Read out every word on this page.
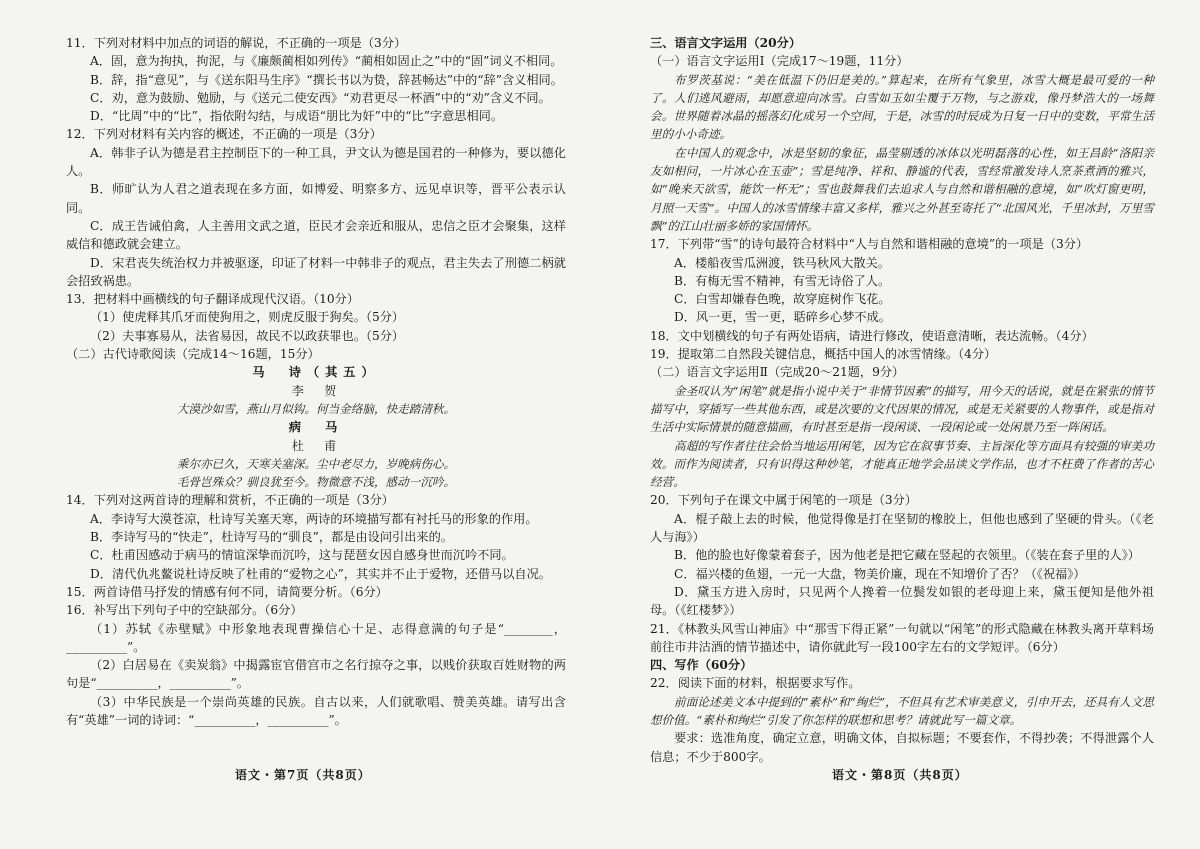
11．下列对材料中加点的词语的解说，不正确的一项是（3分）

A．固，意为拘执，拘泥，与《廉颇蔺相如列传》“蔺相如固止之”中的“固”词义不相同。

B．辞，指“意见”，与《送东阳马生序》“撰长书以为贽，辞甚畅达”中的“辞”含义相同。

C．劝，意为鼓励、勉励，与《送元二使安西》“劝君更尽一杯酒”中的“劝”含义不同。

D．“比周”中的“比”，指依附勾结，与成语“朋比为奸”中的“比”字意思相同。

12．下列对材料有关内容的概述，不正确的一项是（3分）

A．韩非子认为德是君主控制臣下的一种工具，尹文认为德是国君的一种修为，要以德化人。

B．师旷认为人君之道表现在多方面，如博爱、明察多方、远见卓识等，晋平公表示认同。

C．成王告诫伯禽，人主善用文武之道，臣民才会亲近和服从，忠信之臣才会聚集，这样威信和德政就会建立。

D．宋君丧失统治权力并被驱逐，印证了材料一中韩非子的观点，君主失去了刑德二柄就会招致祸患。

13．把材料中画横线的句子翻译成现代汉语。（10分）

（1）使虎释其爪牙而使狗用之，则虎反服于狗矣。（5分）

（2）夫事寡易从，法省易因，故民不以政获罪也。（5分）

（二）古代诗歌阅读（完成14～16题，15分）

马　诗（其五）

李　贺

大漠沙如雪，燕山月似钩。何当金络脑，快走踏清秋。

病　马

杜　甫

乘尔亦已久，天寒关塞深。尘中老尽力，岁晚病伤心。

毛骨岂殊众？驯良犹至今。物微意不浅，感动一沉吟。

14．下列对这两首诗的理解和赏析，不正确的一项是（3分）

A．李诗写大漠苍凉，杜诗写关塞天寒，两诗的环境描写都有衬托马的形象的作用。

B．李诗写马的“快走”，杜诗写马的“驯良”，都是由设问引出来的。

C．杜甫因感动于病马的情谊深挚而沉吟，这与琵琶女因自感身世而沉吟不同。

D．清代仇兆鳌说杜诗反映了杜甫的“爱物之心”，其实并不止于爱物，还借马以自况。

15．两首诗借马抒发的情感有何不同，请简要分析。（6分）

16．补写出下列句子中的空缺部分。（6分）

（1）苏轼《赤壁赋》中形象地表现曹操信心十足、志得意满的句子是“________，__________”。

（2）白居易在《卖炭翁》中揭露宦官借宫市之名行掠夺之事，以贱价获取百姓财物的两句是“__________，__________”。

（3）中华民族是一个崇尚英雄的民族。自古以来，人们就歌唱、赞美英雄。请写出含有“英雄”一词的诗词：“__________，__________”。

语文・第7页（共8页）

三、语言文字运用（20分）

（一）语言文字运用Ⅰ（完成17～19题，11分）

布罗茨基说：“美在低温下仍旧是美的。”算起来，在所有气象里，冰雪大概是最可爱的一种了。人们逃风避雨，却愿意迎向冰雪。白雪如玉如尘覆于万物，与之游戏，像丹梦浩大的一场舞会。世界随着冰晶的摇落幻化成另一个空间，于是，冰雪的时辰成为日复一日中的变数，平常生活里的小小奇迹。

在中国人的观念中，冰是坚韧的象征，晶莹剔透的冰体以光明磊落的心性，如王昌龄“洛阳亲友如相问，一片冰心在玉壶”；雪是纯净、祥和、静谧的代表，雪经常激发诗人烹茶煮酒的雅兴，如“晚来天欲雪，能饮一杯无”；雪也鼓舞我们去追求人与自然和谐相融的意境，如“吹灯窗更明，月照一天雪”。中国人的冰雪情缘丰富又多样，雅兴之外甚至寄托了“北国风光，千里冰封，万里雪飘”的江山壮丽多娇的家国情怀。

17．下列带“雪”的诗句最符合材料中“人与自然和谐相融的意境”的一项是（3分）

A．楼船夜雪瓜洲渡，铁马秋风大散关。

B．有梅无雪不精神，有雪无诗俗了人。

C．白雪却嫌春色晚，故穿庭树作飞花。

D．风一更，雪一更，聒碎乡心梦不成。

18．文中划横线的句子有两处语病，请进行修改，使语意清晰，表达流畅。（4分）

19．提取第二自然段关键信息，概括中国人的冰雪情缘。（4分）

（二）语言文字运用Ⅱ（完成20～21题，9分）

金圣叹认为“闲笔”就是指小说中关于“非情节因素”的描写，用今天的话说，就是在紧张的情节描写中，穿插写一些其他东西，或是次要的文代因果的情况，或是无关紧要的人物事件，或是指对生活中实际情景的随意描画，有时甚至是指一段闲谈、一段闲论或一处闲景乃至一阵闲话。

高超的写作者往往会恰当地运用闲笔，因为它在叙事节奏、主旨深化等方面具有较强的审美功效。而作为阅读者，只有识得这种妙笔，才能真正地学会品读文学作品，也才不枉费了作者的苦心经营。

20．下列句子在课文中属于闲笔的一项是（3分）

A．棍子敲上去的时候，他觉得像是打在坚韧的橡胶上，但他也感到了坚硬的骨头。（《老人与海》）

B．他的脸也好像蒙着套子，因为他老是把它藏在竖起的衣领里。（《装在套子里的人》）

C．福兴楼的鱼翅，一元一大盘，物美价廉，现在不知增价了否？（《祝福》）

D．黛玉方进入房时，只见两个人搀着一位鬓发如银的老母迎上来，黛玉便知是他外祖母。（《红楼梦》）

21．《林教头风雪山神庙》中“那雪下得正紧”一句就以“闲笔”的形式隐藏在林教头离开草料场前往市井沽酒的情节描述中，请你就此写一段100字左右的文学短评。（6分）

四、写作（60分）

22．阅读下面的材料，根据要求写作。

前面论述美文本中提到的“素朴”和“绚烂”，不但具有艺术审美意义，引申开去，还具有人文思想价值。“素朴和绚烂”引发了你怎样的联想和思考？请就此写一篇文章。

要求：选准角度，确定立意，明确文体，自拟标题；不要套作，不得抄袭；不得泄露个人信息；不少于800字。

语文・第8页（共8页）
